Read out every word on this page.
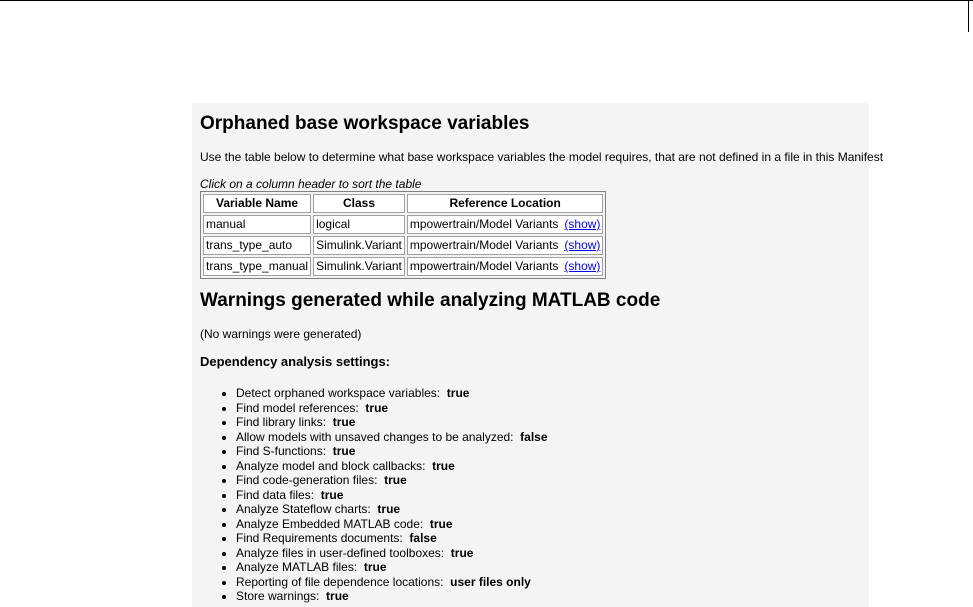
Orphaned base workspace variables
Use the table below to determine what base workspace variables the model requires, that are not defined in a file in this Manifest
Click on a column header to sort the table
Variable Name	Class	Reference Location
manual	logical	mpowertrain/Model Variants (show)
trans_type_auto	Simulink.Variant	mpowertrain/Model Variants (show)
trans_type_manual	Simulink.Variant	mpowertrain/Model Variants (show)
Warnings generated while analyzing MATLAB code
(No warnings were generated)
Dependency analysis settings:
• Detect orphaned workspace variables: true
• Find model references: true
• Find library links: true
• Allow models with unsaved changes to be analyzed: false
• Find S-functions: true
• Analyze model and block callbacks: true
• Find code-generation files: true
• Find data files: true
• Analyze Stateflow charts: true
• Analyze Embedded MATLAB code: true
• Find Requirements documents: false
• Analyze files in user-defined toolboxes: true
• Analyze MATLAB files: true
• Reporting of file dependence locations: user files only
• Store warnings: true
